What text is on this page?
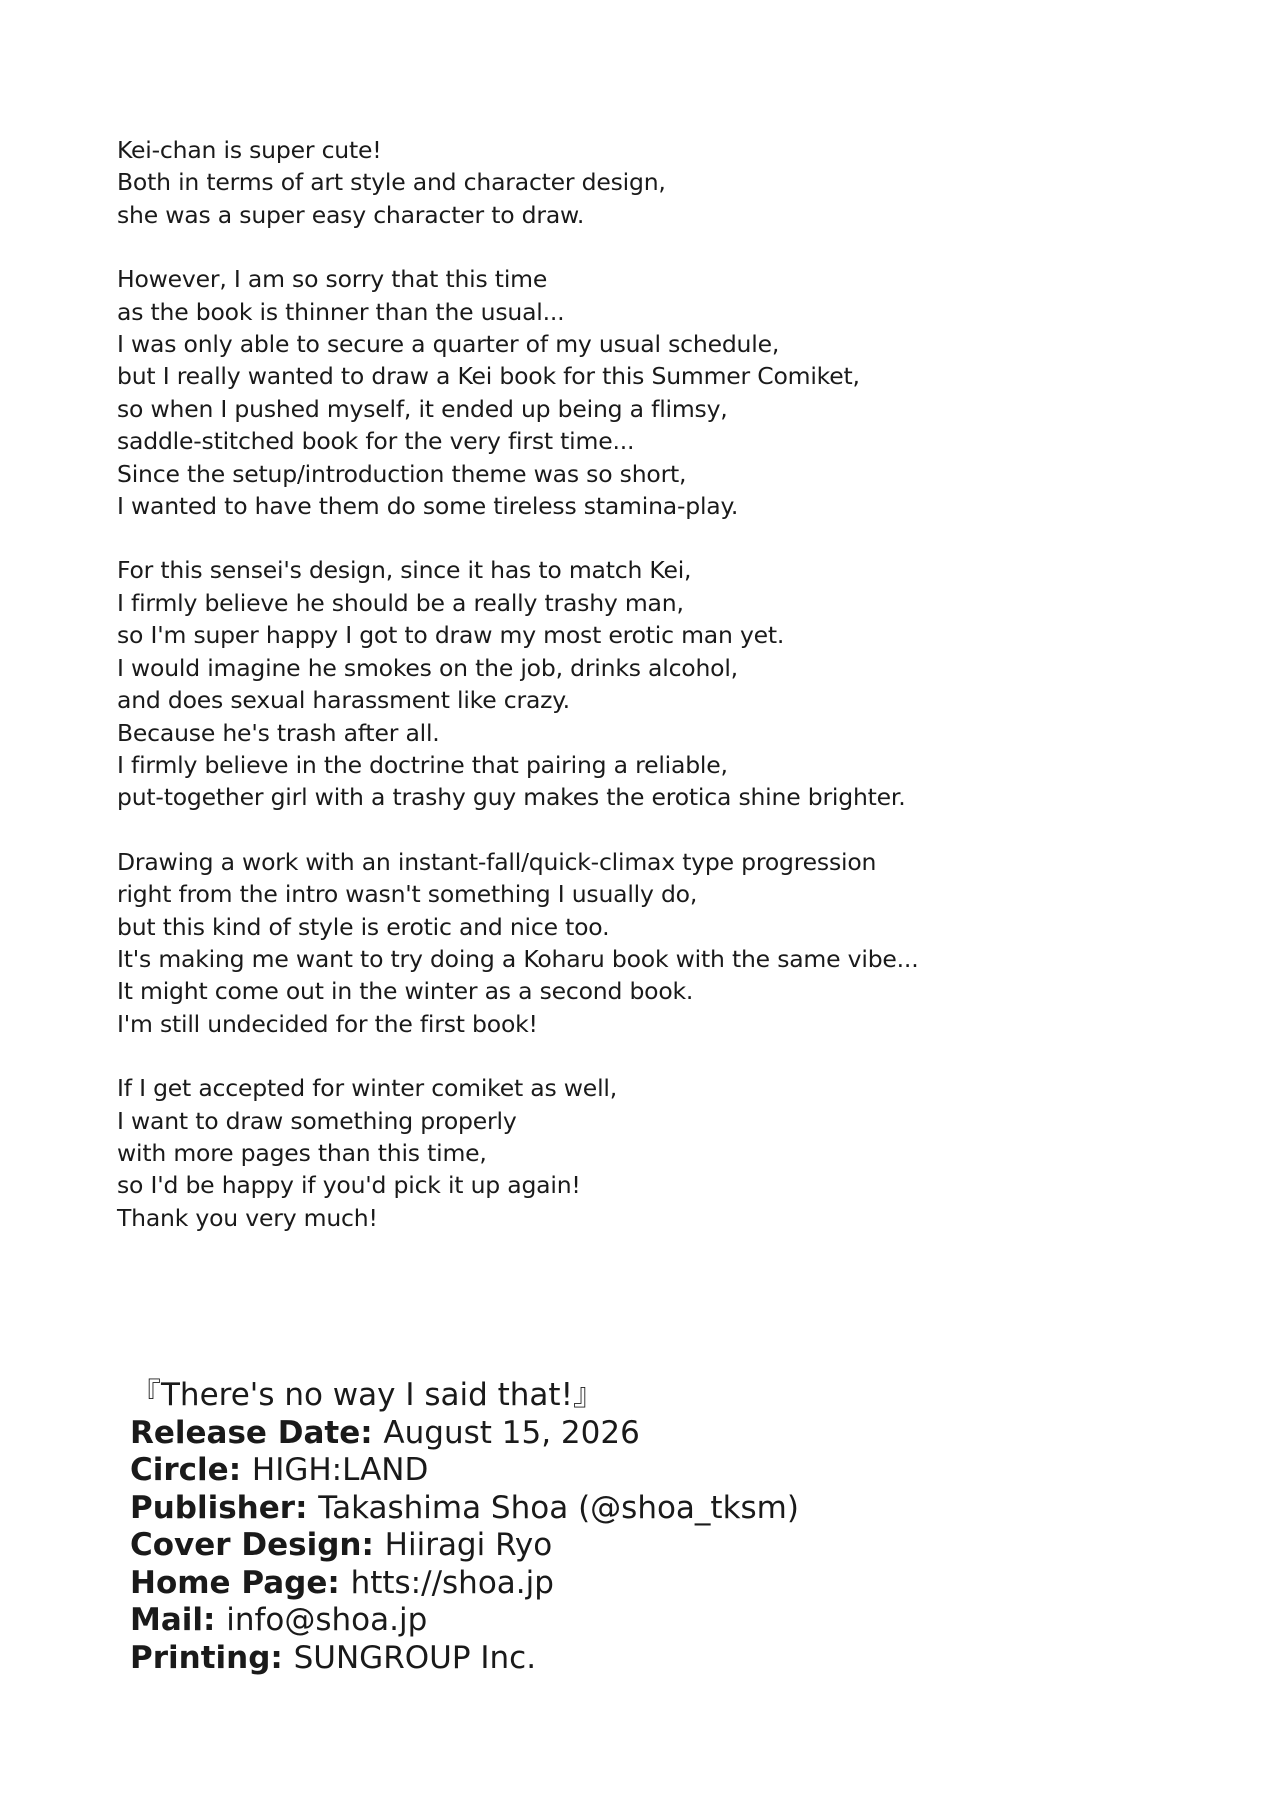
Kei-chan is super cute!
Both in terms of art style and character design,
she was a super easy character to draw.
However, I am so sorry that this time
as the book is thinner than the usual...
I was only able to secure a quarter of my usual schedule,
but I really wanted to draw a Kei book for this Summer Comiket,
so when I pushed myself, it ended up being a flimsy,
saddle-stitched book for the very first time...
Since the setup/introduction theme was so short,
I wanted to have them do some tireless stamina-play.
For this sensei's design, since it has to match Kei,
I firmly believe he should be a really trashy man,
so I'm super happy I got to draw my most erotic man yet.
I would imagine he smokes on the job, drinks alcohol,
and does sexual harassment like crazy.
Because he's trash after all.
I firmly believe in the doctrine that pairing a reliable,
put-together girl with a trashy guy makes the erotica shine brighter.
Drawing a work with an instant-fall/quick-climax type progression
right from the intro wasn't something I usually do,
but this kind of style is erotic and nice too.
It's making me want to try doing a Koharu book with the same vibe...
It might come out in the winter as a second book.
I'm still undecided for the first book!
If I get accepted for winter comiket as well,
I want to draw something properly
with more pages than this time,
so I'd be happy if you'd pick it up again!
Thank you very much!
『There's no way I said that!』
Release Date: August 15, 2026
Circle: HIGH:LAND
Publisher: Takashima Shoa (@shoa_tksm)
Cover Design: Hiiragi Ryo
Home Page: htts://shoa.jp
Mail: info@shoa.jp
Printing: SUNGROUP Inc.
